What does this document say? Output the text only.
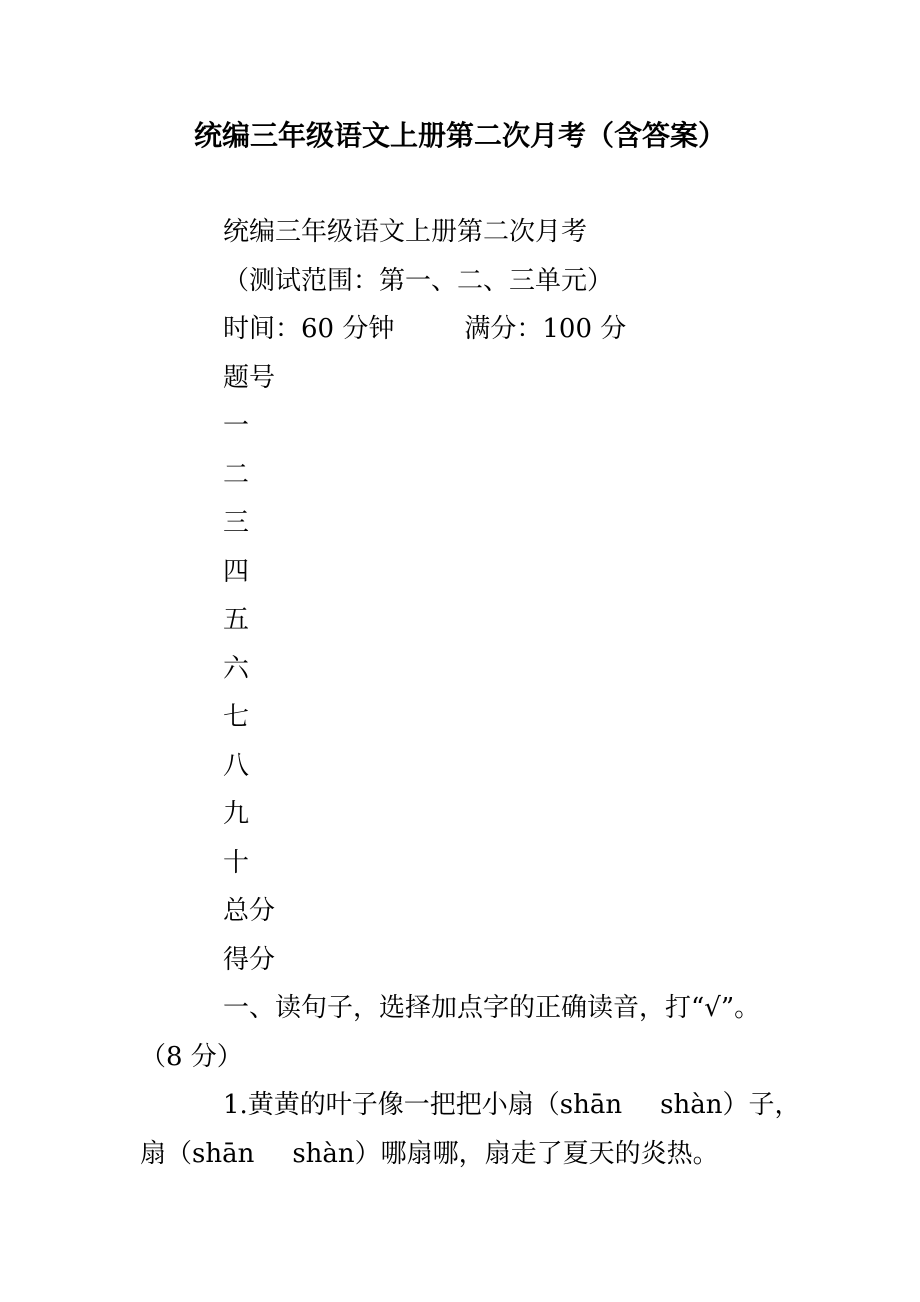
统编三年级语文上册第二次月考（含答案）
统编三年级语文上册第二次月考
（测试范围：第一、二、三单元）
时间：60 分钟	满分：100 分
题号
一
二
三
四
五
六
七
八
九
十
总分
得分
一、读句子，选择加点字的正确读音，打“√”。
（8 分）
1.黄黄的叶子像一把把小扇（shān shàn）子，
扇（shān shàn）哪扇哪，扇走了夏天的炎热。
